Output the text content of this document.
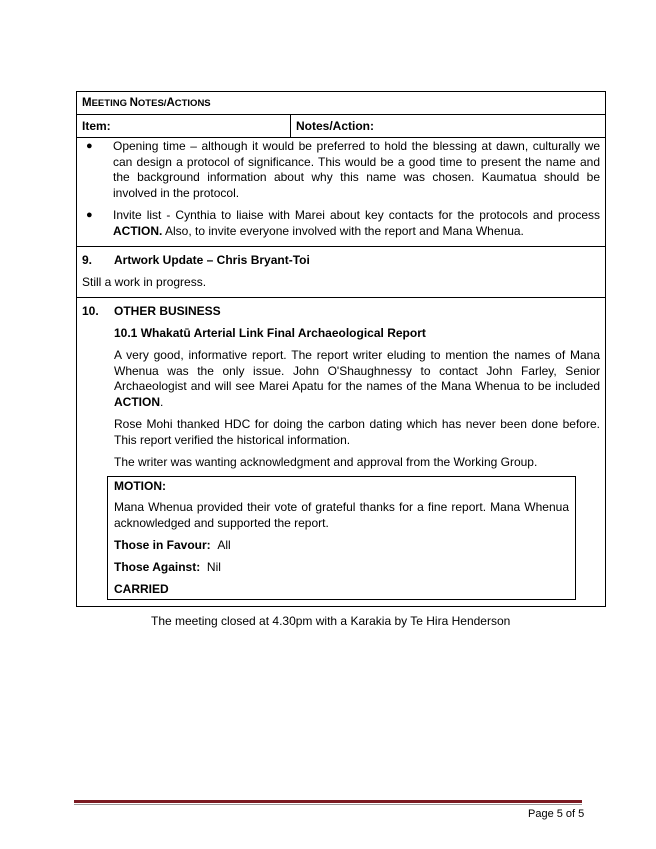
MEETING NOTES/ACTIONS
Item:	Notes/Action:
● Opening time – although it would be preferred to hold the blessing at dawn, culturally we can design a protocol of significance. This would be a good time to present the name and the background information about why this name was chosen. Kaumatua should be involved in the protocol.
● Invite list - Cynthia to liaise with Marei about key contacts for the protocols and process ACTION. Also, to invite everyone involved with the report and Mana Whenua.
9. Artwork Update – Chris Bryant-Toi
Still a work in progress.
10. OTHER BUSINESS
10.1 Whakatū Arterial Link Final Archaeological Report
A very good, informative report. The report writer eluding to mention the names of Mana Whenua was the only issue. John O'Shaughnessy to contact John Farley, Senior Archaeologist and will see Marei Apatu for the names of the Mana Whenua to be included ACTION.
Rose Mohi thanked HDC for doing the carbon dating which has never been done before. This report verified the historical information.
The writer was wanting acknowledgment and approval from the Working Group.
MOTION:
Mana Whenua provided their vote of grateful thanks for a fine report. Mana Whenua acknowledged and supported the report.
Those in Favour: All
Those Against: Nil
CARRIED
The meeting closed at 4.30pm with a Karakia by Te Hira Henderson
Page 5 of 5
